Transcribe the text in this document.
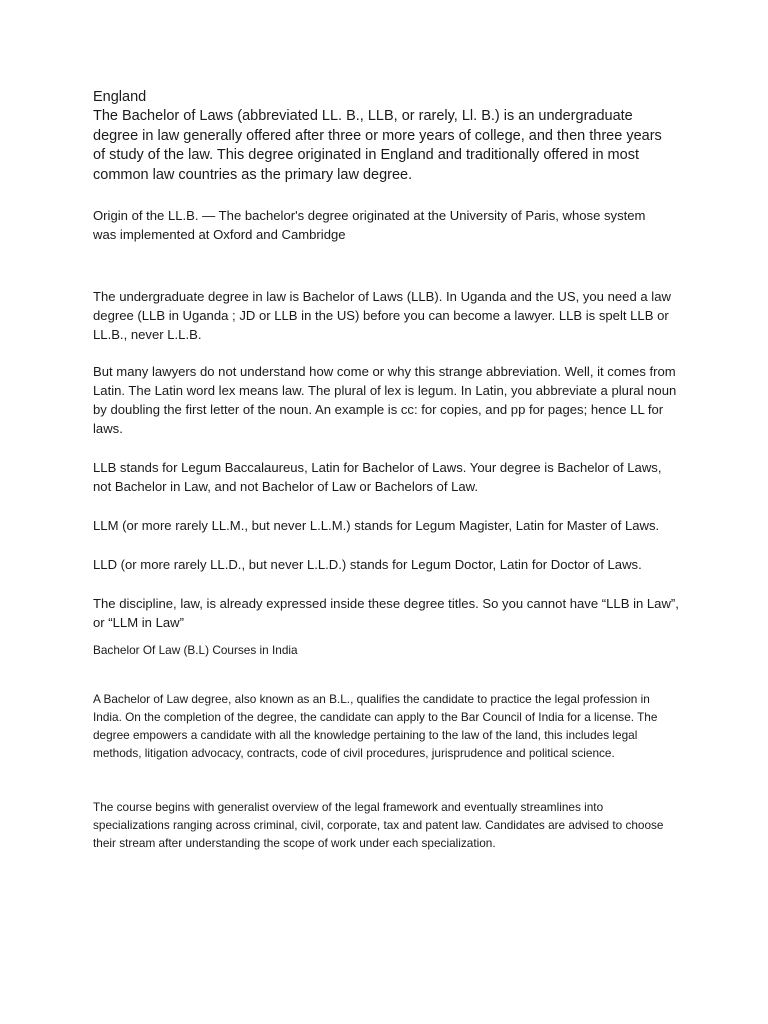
England

The Bachelor of Laws (abbreviated LL. B., LLB, or rarely, Ll. B.) is an undergraduate degree in law generally offered after three or more years of college, and then three years of study of the law. This degree originated in England and traditionally offered in most common law countries as the primary law degree.

Origin of the LL.B. — The bachelor's degree originated at the University of Paris, whose system was implemented at Oxford and Cambridge

The undergraduate degree in law is Bachelor of Laws (LLB). In Uganda and the US, you need a law degree (LLB in Uganda ; JD or LLB in the US) before you can become a lawyer. LLB is spelt LLB or LL.B., never L.L.B.

But many lawyers do not understand how come or why this strange abbreviation. Well, it comes from Latin. The Latin word lex means law. The plural of lex is legum. In Latin, you abbreviate a plural noun by doubling the first letter of the noun. An example is cc: for copies, and pp for pages; hence LL for laws.

LLB stands for Legum Baccalaureus, Latin for Bachelor of Laws. Your degree is Bachelor of Laws, not Bachelor in Law, and not Bachelor of Law or Bachelors of Law.

LLM (or more rarely LL.M., but never L.L.M.) stands for Legum Magister, Latin for Master of Laws.

LLD (or more rarely LL.D., but never L.L.D.) stands for Legum Doctor, Latin for Doctor of Laws.

The discipline, law, is already expressed inside these degree titles. So you cannot have “LLB in Law”, or “LLM in Law”

Bachelor Of Law (B.L) Courses in India

A Bachelor of Law degree, also known as an B.L., qualifies the candidate to practice the legal profession in India. On the completion of the degree, the candidate can apply to the Bar Council of India for a license. The degree empowers a candidate with all the knowledge pertaining to the law of the land, this includes legal methods, litigation advocacy, contracts, code of civil procedures, jurisprudence and political science.

The course begins with generalist overview of the legal framework and eventually streamlines into specializations ranging across criminal, civil, corporate, tax and patent law. Candidates are advised to choose their stream after understanding the scope of work under each specialization.
